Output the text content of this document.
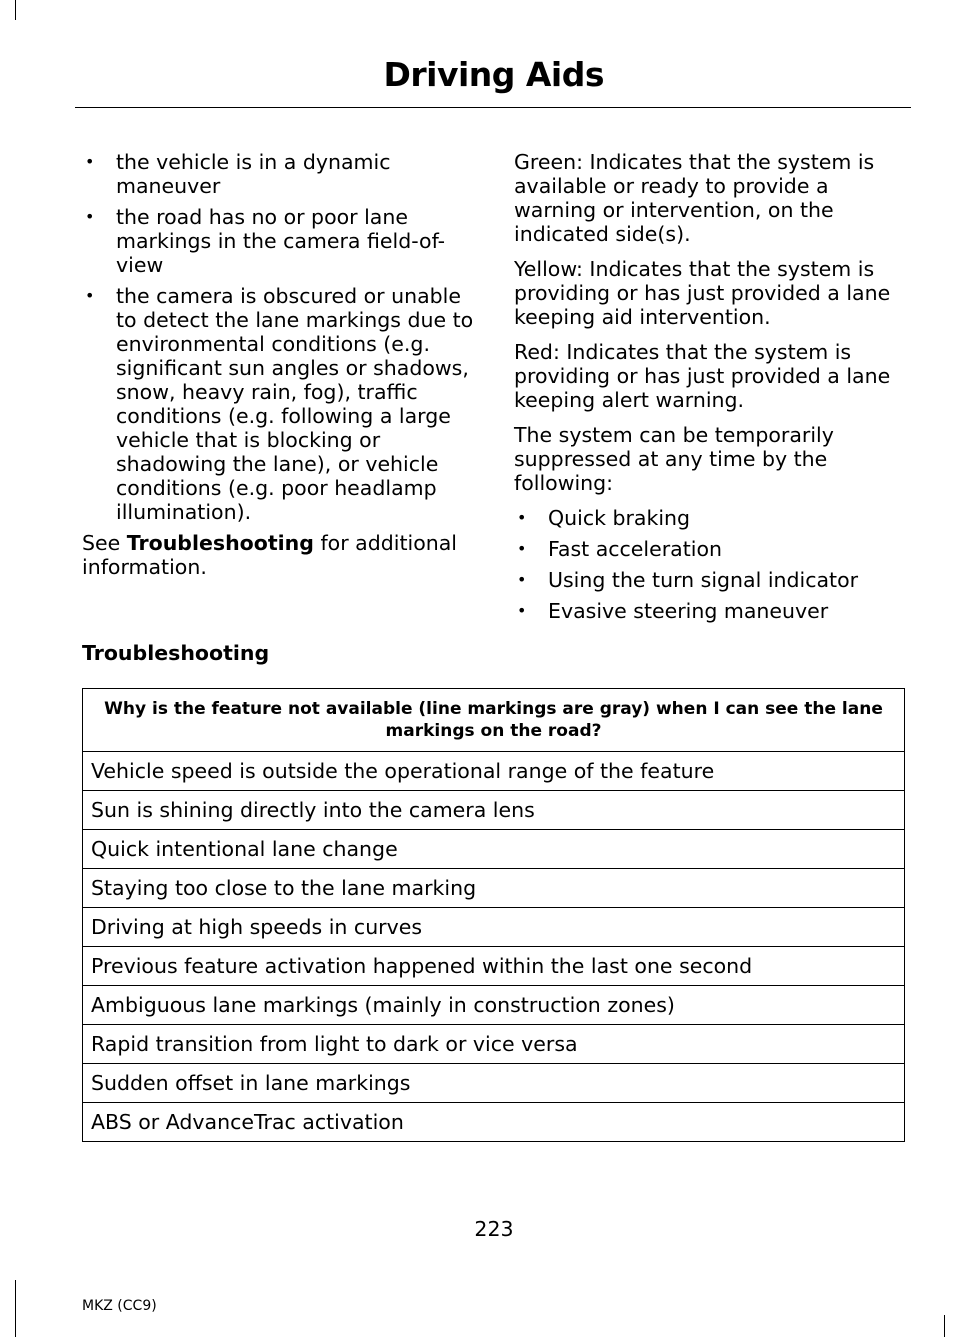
Driving Aids
• the vehicle is in a dynamic maneuver
• the road has no or poor lane markings in the camera field-of-view
• the camera is obscured or unable to detect the lane markings due to environmental conditions (e.g. significant sun angles or shadows, snow, heavy rain, fog), traffic conditions (e.g. following a large vehicle that is blocking or shadowing the lane), or vehicle conditions (e.g. poor headlamp illumination).

See Troubleshooting for additional information.

Green: Indicates that the system is available or ready to provide a warning or intervention, on the indicated side(s).

Yellow: Indicates that the system is providing or has just provided a lane keeping aid intervention.

Red: Indicates that the system is providing or has just provided a lane keeping alert warning.

The system can be temporarily suppressed at any time by the following:

• Quick braking
• Fast acceleration
• Using the turn signal indicator
• Evasive steering maneuver
Troubleshooting
Why is the feature not available (line markings are gray) when I can see the lane markings on the road?
Vehicle speed is outside the operational range of the feature
Sun is shining directly into the camera lens
Quick intentional lane change
Staying too close to the lane marking
Driving at high speeds in curves
Previous feature activation happened within the last one second
Ambiguous lane markings (mainly in construction zones)
Rapid transition from light to dark or vice versa
Sudden offset in lane markings
ABS or AdvanceTrac activation
223
MKZ (CC9)
